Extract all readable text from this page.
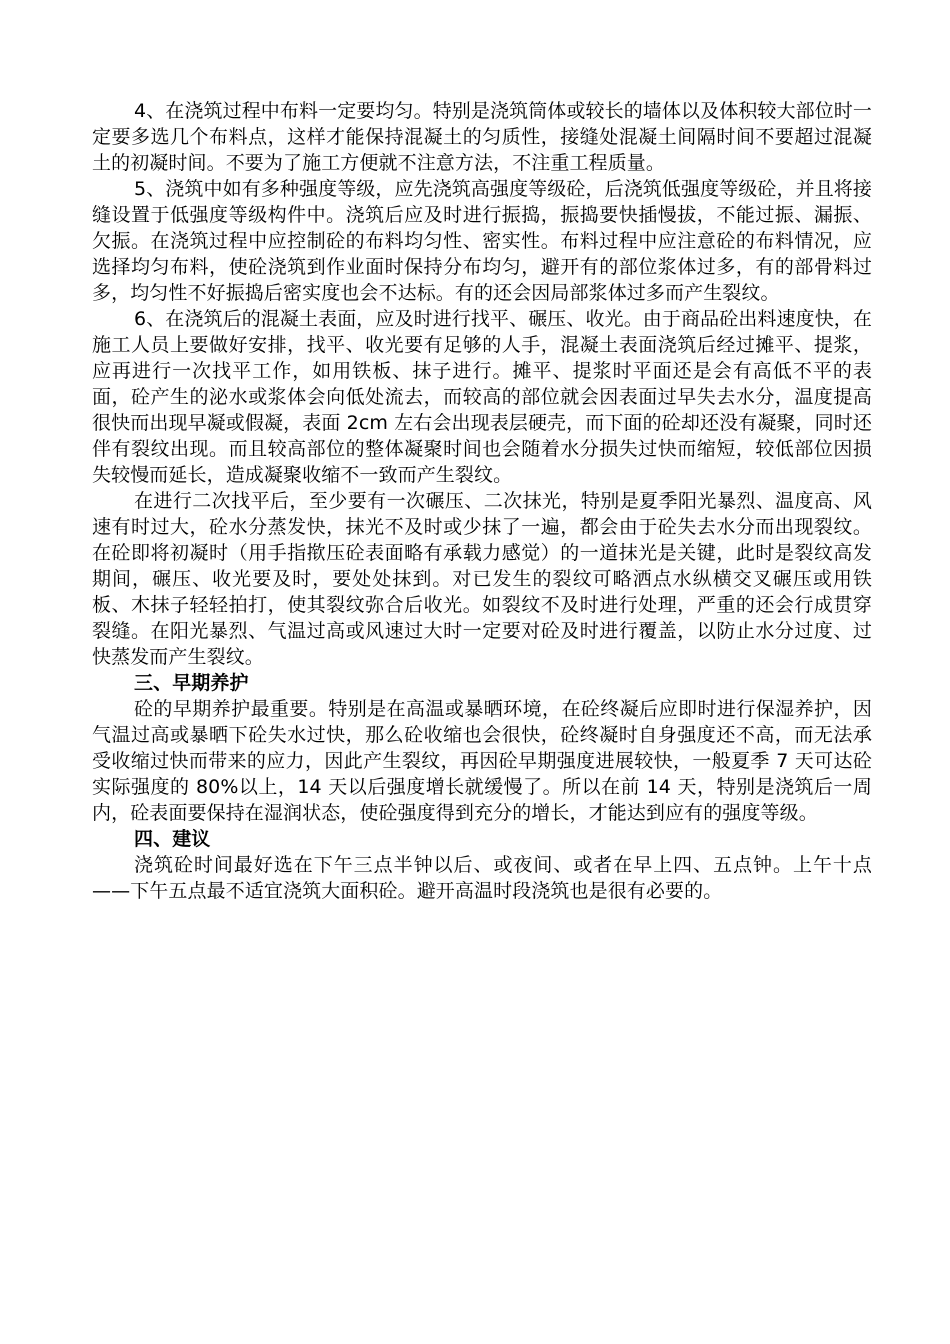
4、在浇筑过程中布料一定要均匀。特别是浇筑筒体或较长的墙体以及体积较大部位时一定要多选几个布料点，这样才能保持混凝土的匀质性，接缝处混凝土间隔时间不要超过混凝土的初凝时间。不要为了施工方便就不注意方法，不注重工程质量。

5、浇筑中如有多种强度等级，应先浇筑高强度等级砼，后浇筑低强度等级砼，并且将接缝设置于低强度等级构件中。浇筑后应及时进行振捣，振捣要快插慢拔，不能过振、漏振、欠振。在浇筑过程中应控制砼的布料均匀性、密实性。布料过程中应注意砼的布料情况，应选择均匀布料，使砼浇筑到作业面时保持分布均匀，避开有的部位浆体过多，有的部骨料过多，均匀性不好振捣后密实度也会不达标。有的还会因局部浆体过多而产生裂纹。

6、在浇筑后的混凝土表面，应及时进行找平、碾压、收光。由于商品砼出料速度快，在施工人员上要做好安排，找平、收光要有足够的人手，混凝土表面浇筑后经过摊平、提浆，应再进行一次找平工作，如用铁板、抹子进行。摊平、提浆时平面还是会有高低不平的表面，砼产生的泌水或浆体会向低处流去，而较高的部位就会因表面过早失去水分，温度提高很快而出现早凝或假凝，表面 2cm 左右会出现表层硬壳，而下面的砼却还没有凝聚，同时还伴有裂纹出现。而且较高部位的整体凝聚时间也会随着水分损失过快而缩短，较低部位因损失较慢而延长，造成凝聚收缩不一致而产生裂纹。

在进行二次找平后，至少要有一次碾压、二次抹光，特别是夏季阳光暴烈、温度高、风速有时过大，砼水分蒸发快，抹光不及时或少抹了一遍，都会由于砼失去水分而出现裂纹。在砼即将初凝时（用手指揿压砼表面略有承载力感觉）的一道抹光是关键，此时是裂纹高发期间，碾压、收光要及时，要处处抹到。对已发生的裂纹可略洒点水纵横交叉碾压或用铁板、木抹子轻轻拍打，使其裂纹弥合后收光。如裂纹不及时进行处理，严重的还会行成贯穿裂缝。在阳光暴烈、气温过高或风速过大时一定要对砼及时进行覆盖，以防止水分过度、过快蒸发而产生裂纹。

三、早期养护

砼的早期养护最重要。特别是在高温或暴晒环境，在砼终凝后应即时进行保湿养护，因气温过高或暴晒下砼失水过快，那么砼收缩也会很快，砼终凝时自身强度还不高，而无法承受收缩过快而带来的应力，因此产生裂纹，再因砼早期强度进展较快，一般夏季 7 天可达砼实际强度的 80%以上，14 天以后强度增长就缓慢了。所以在前 14 天，特别是浇筑后一周内，砼表面要保持在湿润状态，使砼强度得到充分的增长，才能达到应有的强度等级。

四、建议

浇筑砼时间最好选在下午三点半钟以后、或夜间、或者在早上四、五点钟。上午十点——下午五点最不适宜浇筑大面积砼。避开高温时段浇筑也是很有必要的。
